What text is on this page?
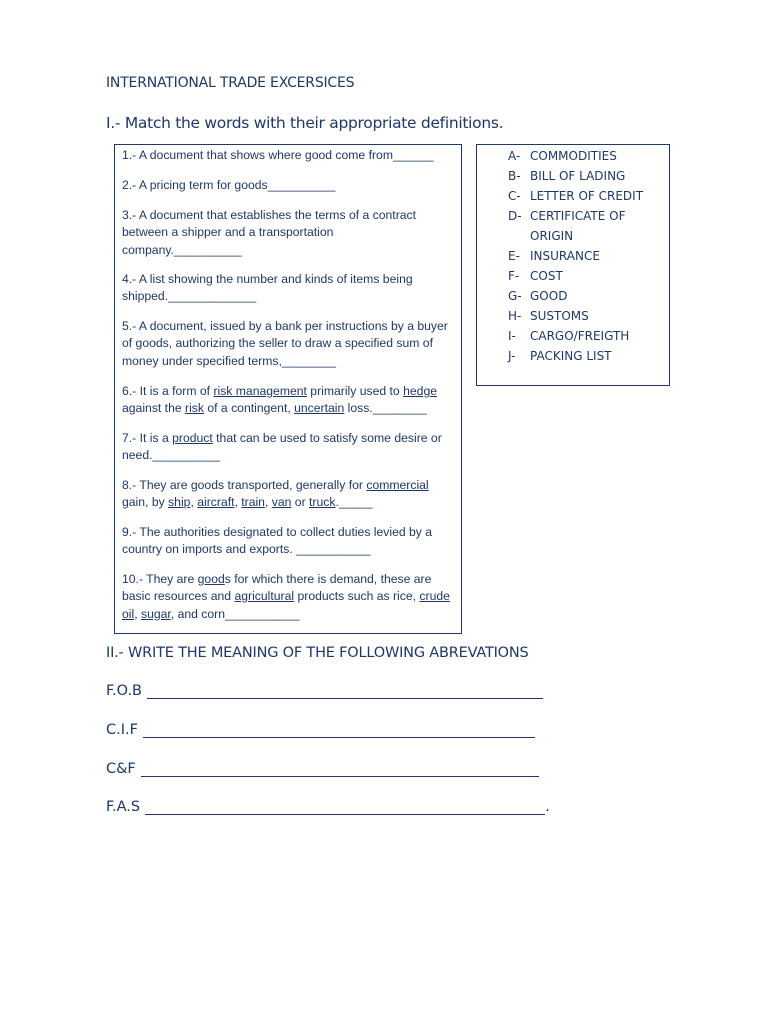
INTERNATIONAL TRADE EXCERSICES
I.- Match the words with their appropriate definitions.
1.- A document that shows where good come from______
2.- A pricing term for goods__________
3.- A document that establishes the terms of a contract between a shipper and a transportation company.__________
4.- A list showing the number and kinds of items being shipped._____________
5.- A document, issued by a bank per instructions by a buyer of goods, authorizing the seller to draw a specified sum of money under specified terms,________
6.- It is a form of risk management primarily used to hedge against the risk of a contingent, uncertain loss.________
7.- It is a product that can be used to satisfy some desire or need.__________
8.- They are goods transported, generally for commercial gain, by ship, aircraft, train, van or truck._____
9.- The authorities designated to collect duties levied by a country on imports and exports. ___________
10.- They are goods for which there is demand, these are basic resources and agricultural products such as rice, crude oil, sugar, and corn___________
A- COMMODITIES
B- BILL OF LADING
C- LETTER OF CREDIT
D- CERTIFICATE OF
ORIGIN
E- INSURANCE
F- COST
G- GOOD
H- SUSTOMS
I- CARGO/FREIGTH
J- PACKING LIST
II.- WRITE THE MEANING OF THE FOLLOWING ABREVATIONS
F.O.B
C.I.F
C&F
F.A.S	.
